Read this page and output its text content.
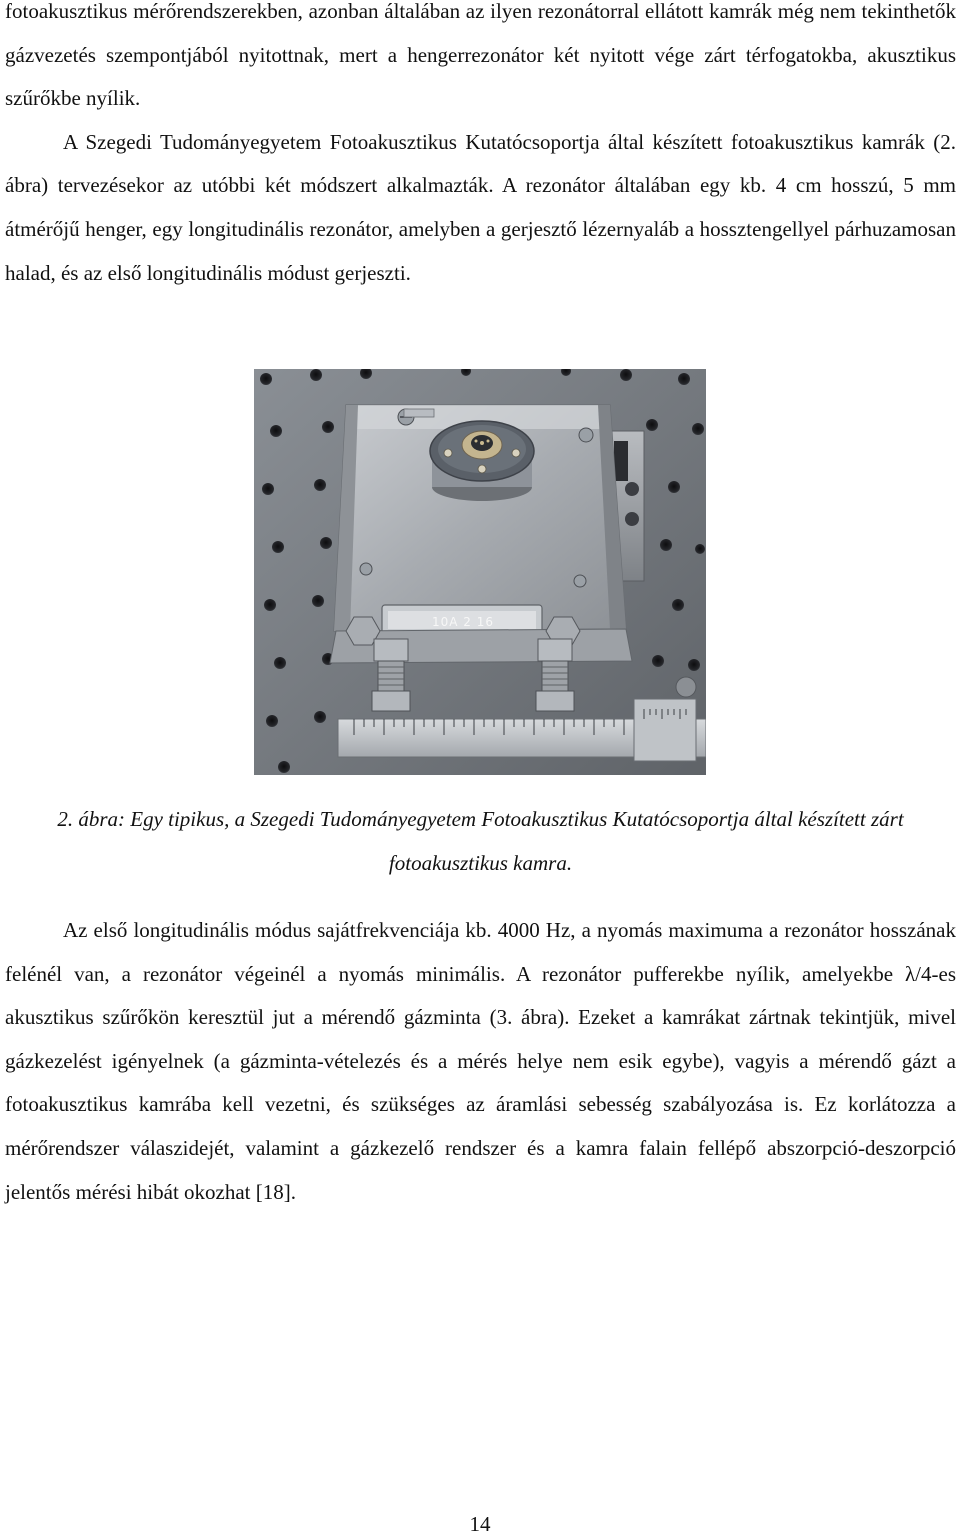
fotoakusztikus mérőrendszerekben, azonban általában az ilyen rezonátorral ellátott kamrák még nem tekinthetők gázvezetés szempontjából nyitottnak, mert a hengerrezonátor két nyitott vége zárt térfogatokba, akusztikus szűrőkbe nyílik.
A Szegedi Tudományegyetem Fotoakusztikus Kutatócsoportja által készített fotoakusztikus kamrák (2. ábra) tervezésekor az utóbbi két módszert alkalmazták. A rezonátor általában egy kb. 4 cm hosszú, 5 mm átmérőjű henger, egy longitudinális rezonátor, amelyben a gerjesztő lézernyaláb a hossztengellyel párhuzamosan halad, és az első longitudinális módust gerjeszti.

10A 2 16

2. ábra: Egy tipikus, a Szegedi Tudományegyetem Fotoakusztikus Kutatócsoportja által készített zárt fotoakusztikus kamra.

Az első longitudinális módus sajátfrekvenciája kb. 4000 Hz, a nyomás maximuma a rezonátor hosszának felénél van, a rezonátor végeinél a nyomás minimális. A rezonátor pufferekbe nyílik, amelyekbe λ/4-es akusztikus szűrőkön keresztül jut a mérendő gázminta (3. ábra). Ezeket a kamrákat zártnak tekintjük, mivel gázkezelést igényelnek (a gázminta-vételezés és a mérés helye nem esik egybe), vagyis a mérendő gázt a fotoakusztikus kamrába kell vezetni, és szükséges az áramlási sebesség szabályozása is. Ez korlátozza a mérőrendszer válaszidejét, valamint a gázkezelő rendszer és a kamra falain fellépő abszorpció-deszorpció jelentős mérési hibát okozhat [18].

14
